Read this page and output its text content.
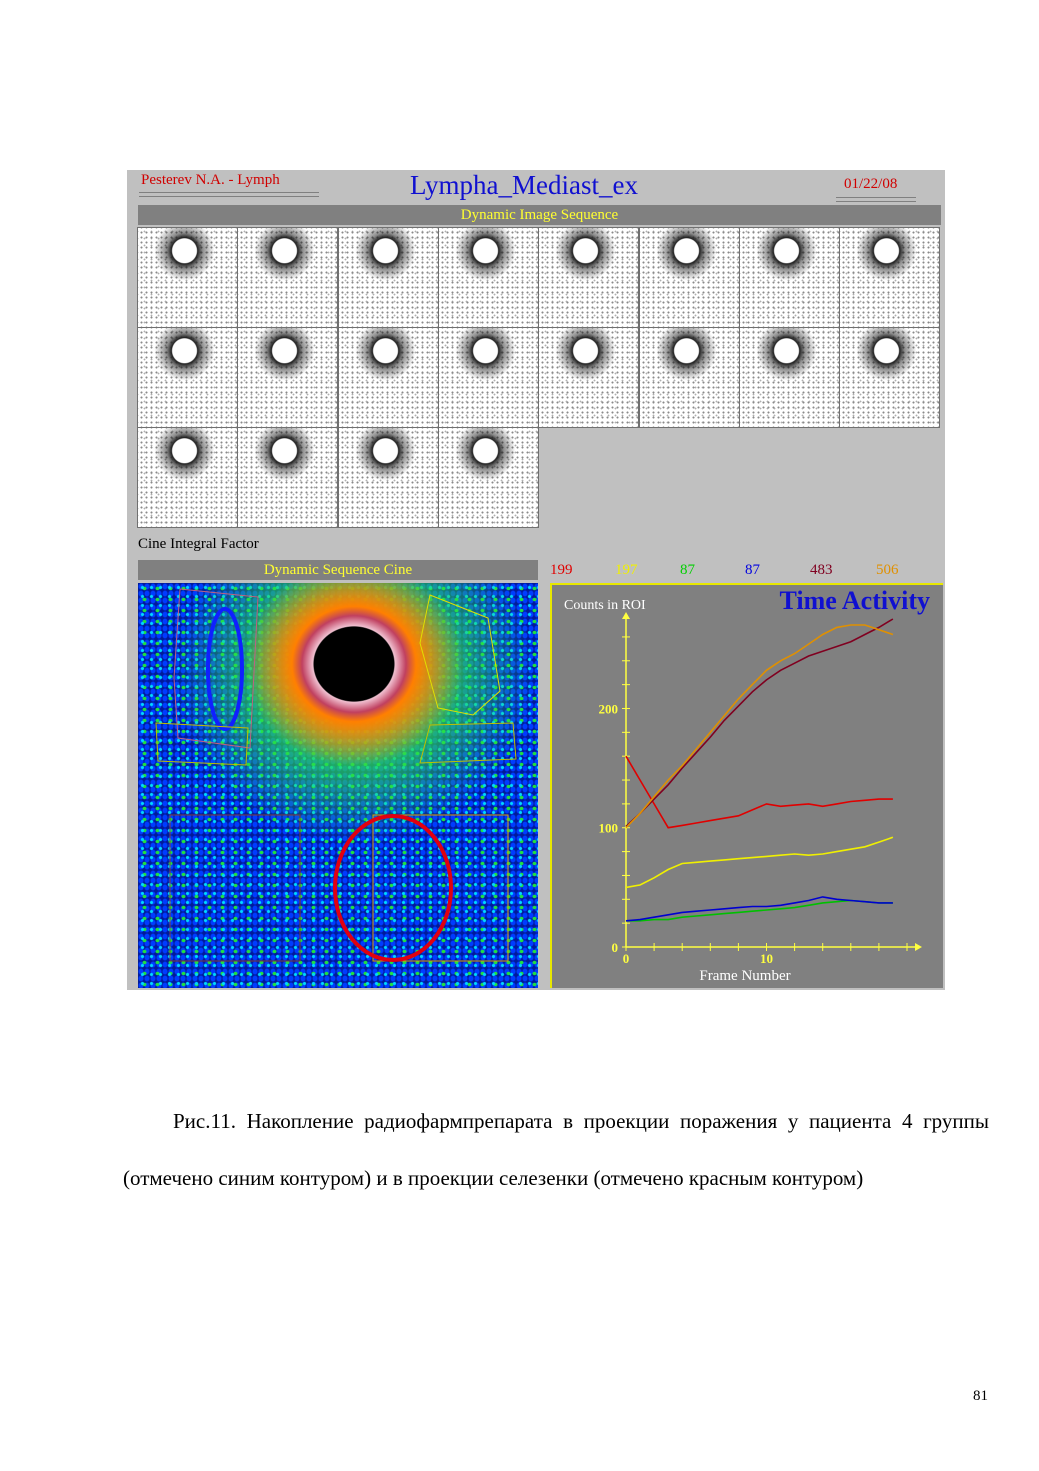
Pesterev N.A. - Lymph	Lympha_Mediast_ex	01/22/08
Dynamic Image Sequence
Cine Integral Factor
Dynamic Sequence Cine	199	197	87	87	483	506
0
100
200
0	10
Counts in ROI
Frame Number
Time Activity

Рис.11. Накопление радиофармпрепарата в проекции поражения у пациента 4 группы (отмечено синим контуром) и в проекции селезенки (отмечено красным контуром)

81
